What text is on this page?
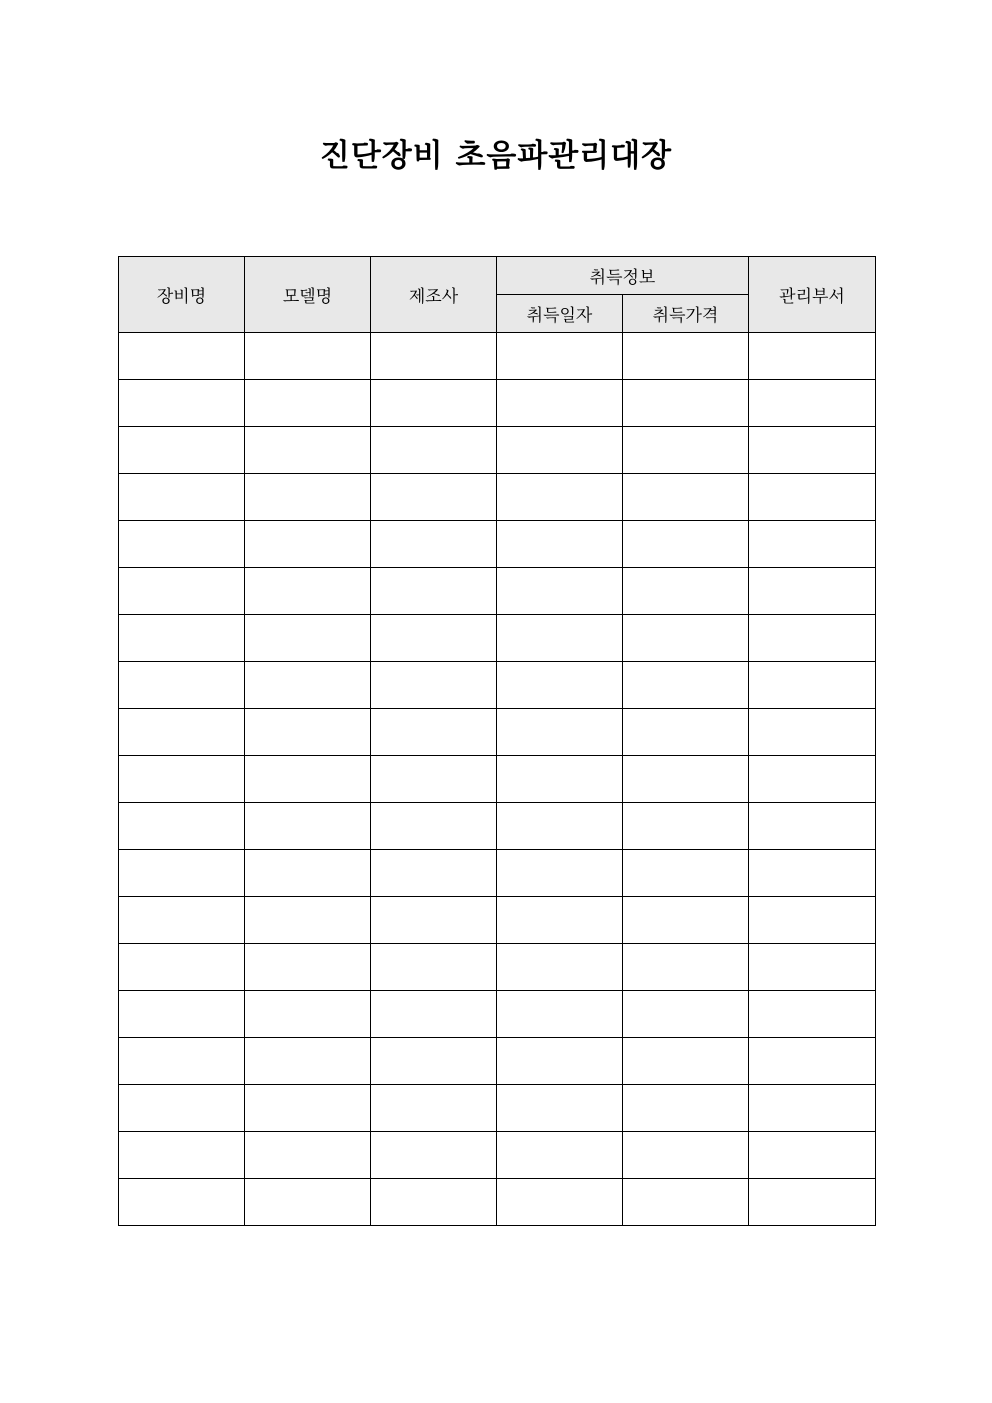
진단장비 초음파관리대장
장비명	모델명	제조사	취득정보		관리부서
			취득일자	취득가격	
